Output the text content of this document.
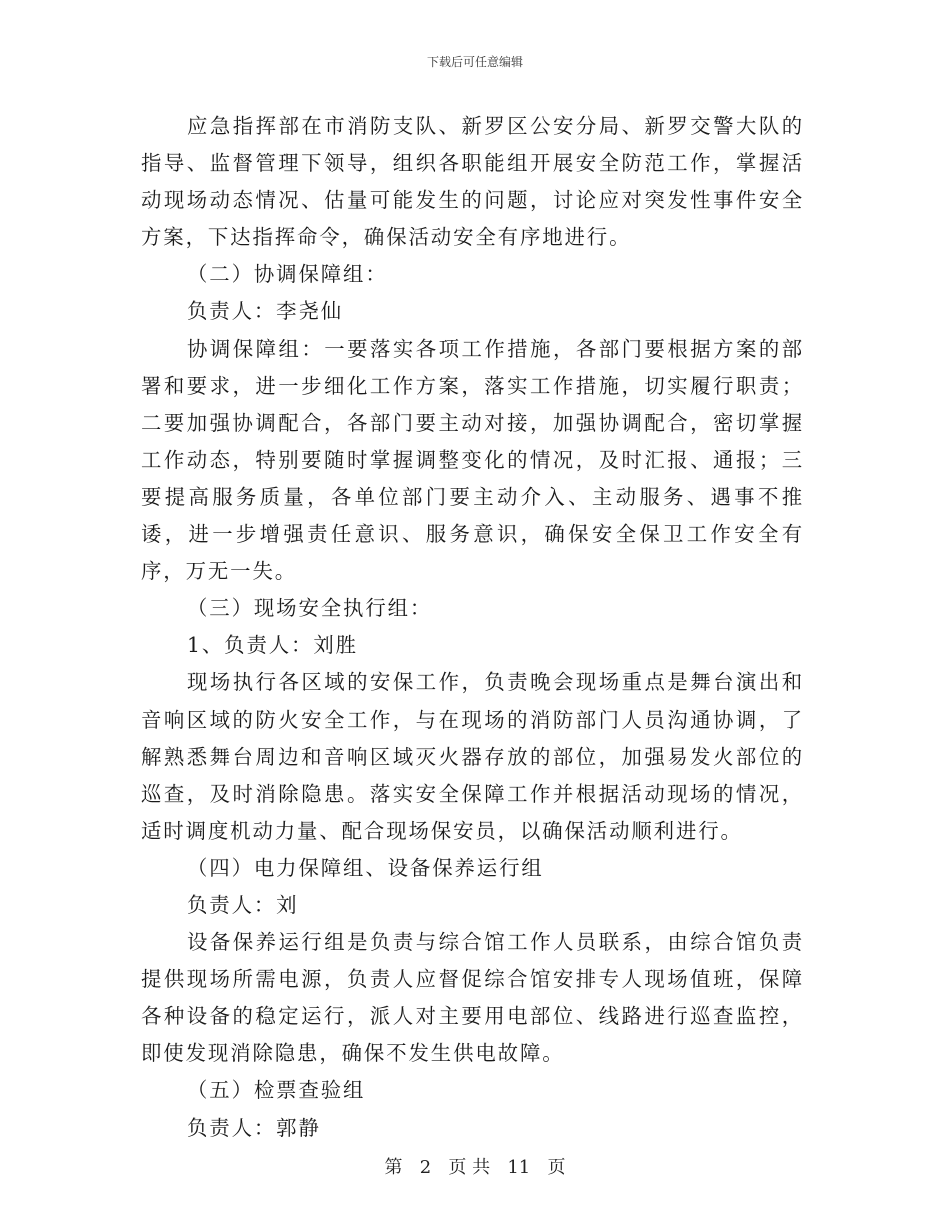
下载后可任意编辑

应急指挥部在市消防支队、新罗区公安分局、新罗交警大队的指导、监督管理下领导，组织各职能组开展安全防范工作，掌握活动现场动态情况、估量可能发生的问题，讨论应对突发性事件安全方案，下达指挥命令，确保活动安全有序地进行。

（二）协调保障组：

负责人：李尧仙

协调保障组：一要落实各项工作措施，各部门要根据方案的部署和要求，进一步细化工作方案，落实工作措施，切实履行职责；二要加强协调配合，各部门要主动对接，加强协调配合，密切掌握工作动态，特别要随时掌握调整变化的情况，及时汇报、通报；三要提高服务质量，各单位部门要主动介入、主动服务、遇事不推诿，进一步增强责任意识、服务意识，确保安全保卫工作安全有序，万无一失。

（三）现场安全执行组：

1、负责人：刘胜

现场执行各区域的安保工作，负责晚会现场重点是舞台演出和音响区域的防火安全工作，与在现场的消防部门人员沟通协调，了解熟悉舞台周边和音响区域灭火器存放的部位，加强易发火部位的巡查，及时消除隐患。落实安全保障工作并根据活动现场的情况，适时调度机动力量、配合现场保安员，以确保活动顺利进行。

（四）电力保障组、设备保养运行组

负责人：刘

设备保养运行组是负责与综合馆工作人员联系，由综合馆负责提供现场所需电源，负责人应督促综合馆安排专人现场值班，保障各种设备的稳定运行，派人对主要用电部位、线路进行巡查监控，即使发现消除隐患，确保不发生供电故障。

（五）检票查验组

负责人：郭静

第 2 页 共 11 页
